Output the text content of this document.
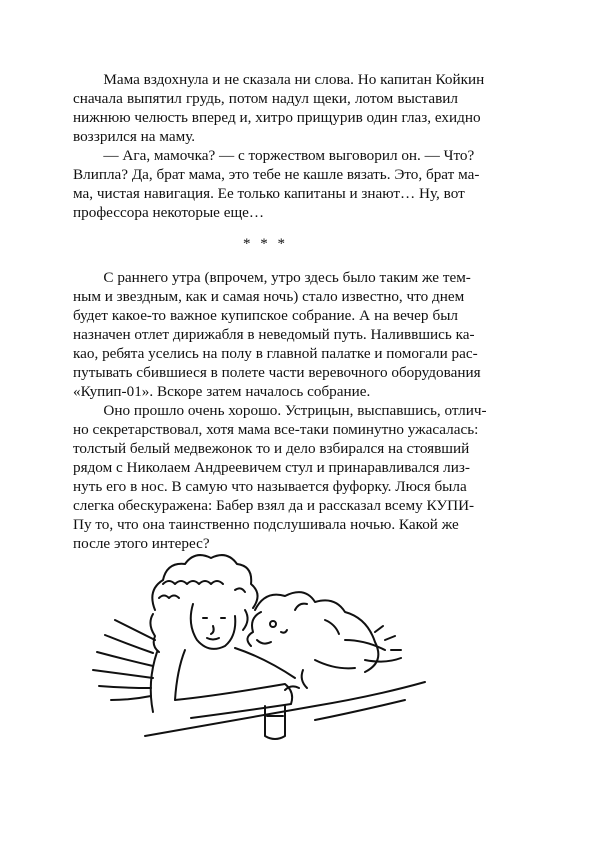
Мама вздохнула и не сказала ни слова. Но капитан Койкин
сначала выпятил грудь, потом надул щеки, лотом выставил
нижнюю челюсть вперед и, хитро прищурив один глаз, ехидно
воззрился на маму.
— Ага, мамочка? — с торжеством выговорил он. — Что?
Влипла? Да, брат мама, это тебе не кашле вязать. Это, брат ма-
ма, чистая навигация. Ее только капитаны и знают… Ну, вот
профессора некоторые еще…
* * *
С раннего утра (впрочем, утро здесь было таким же тем-
ным и звездным, как и самая ночь) стало известно, что днем
будет какое-то важное купипское собрание. А на вечер был
назначен отлет дирижабля в неведомый путь. Наливвшись ка-
као, ребята уселись на полу в главной палатке и помогали рас-
путывать сбившиеся в полете части веревочного оборудования
«Купип-01». Вскоре затем началось собрание.
Оно прошло очень хорошо. Устрицын, выспавшись, отлич-
но секретарствовал, хотя мама все-таки поминутно ужасалась:
толстый белый медвежонок то и дело взбирался на стоявший
рядом с Николаем Андреевичем стул и принаравливался лиз-
нуть его в нос. В самую что называется фуфорку. Люся была
слегка обескуражена: Бабер взял да и рассказал всему КУПИ-
Пу то, что она таинственно подслушивала ночью. Какой же
после этого интерес?
